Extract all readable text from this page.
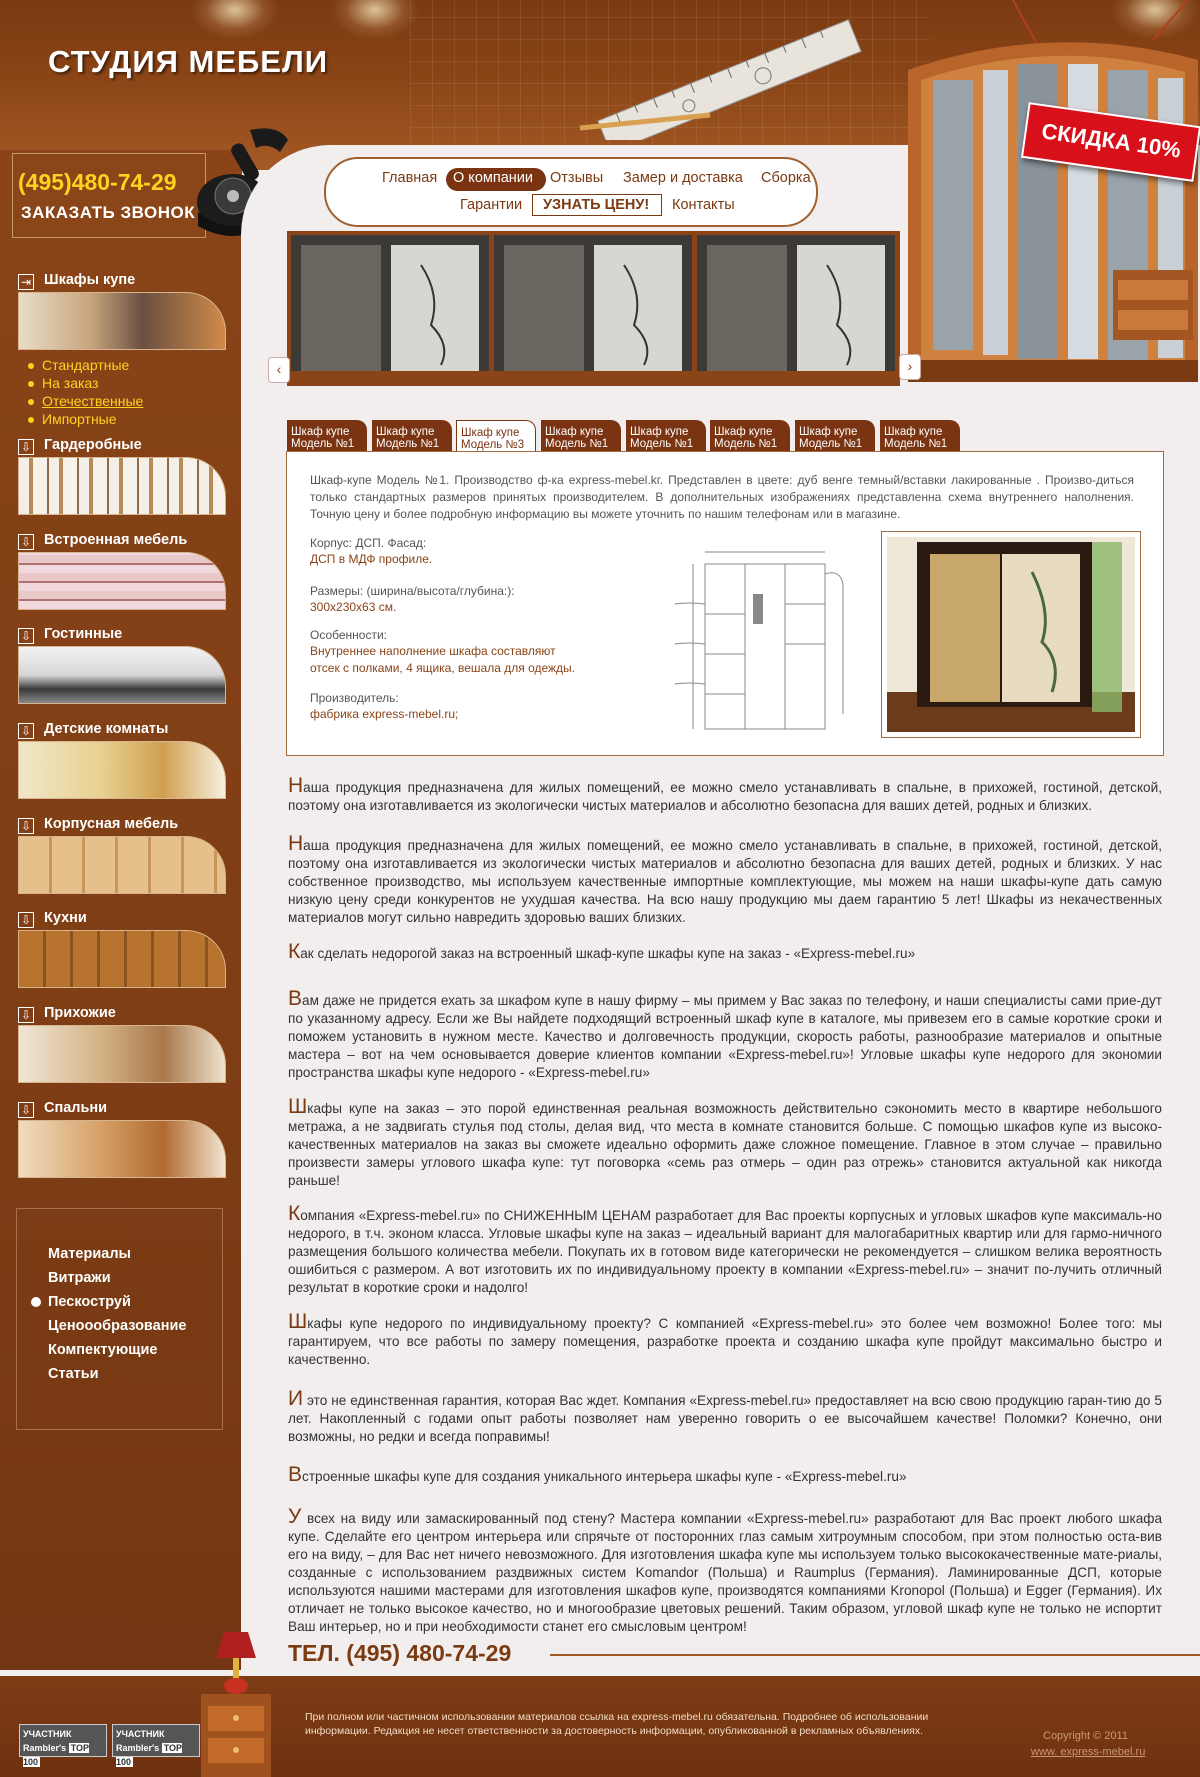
СТУДИЯ МЕБЕЛИ
(495)480-74-29
ЗАКАЗАТЬ ЗВОНОК
⇥ Шкафы купе
Стандартные
На заказ
Отечественные
Импортные
⇩ Гардеробные
⇩ Встроенная мебель
⇩ Гостинные
⇩ Детские комнаты
⇩ Корпусная мебель
⇩ Кухни
⇩ Прихожие
⇩ Спальни
Материалы
Витражи
Пескоструй
Ценоообразование
Компектующие
Статьи
СКИДКА 10%
Главная О компании Отзывы Замер и доставка Сборка
Гарантии УЗНАТЬ ЦЕНУ! Контакты
‹	›
Шкаф купе
Модель №1
Шкаф купе
Модель №1
Шкаф купе
Модель №3
Шкаф купе
Модель №1
Шкаф купе
Модель №1
Шкаф купе
Модель №1
Шкаф купе
Модель №1
Шкаф купе
Модель №1
Шкаф-купе Модель №1. Производство ф-ка express-mebel.kг. Представлен в цвете: дуб венге темный/вставки лакированные . Произво-диться только стандартных размеров принятых производителем. В дополнительных изображениях представленна схема внутреннего наполнения. Точную цену и более подробную информацию вы можете уточнить по нашим телефонам или в магазине.
Корпус: ДСП. Фасад:
ДСП в МДФ профиле.
Размеры: (ширина/высота/глубина:):
300х230х63 см.
Особенности:
Внутреннее наполнение шкафа составляют
отсек с полками, 4 ящика, вешала для одежды.
Производитель:
фабрика express-mebel.ru;
Наша продукция предназначена для жилых помещений, ее можно смело устанавливать в спальне, в прихожей, гостиной, детской, поэтому она изготавливается из экологически чистых материалов и абсолютно безопасна для ваших детей, родных и близких.
Наша продукция предназначена для жилых помещений, ее можно смело устанавливать в спальне, в прихожей, гостиной, детской, поэтому она изготавливается из экологически чистых материалов и абсолютно безопасна для ваших детей, родных и близких. У нас собственное производство, мы используем качественные импортные комплектующие, мы можем на наши шкафы-купе дать самую низкую цену среди конкурентов не ухудшая качества. На всю нашу продукцию мы даем гарантию 5 лет! Шкафы из некачественных материалов могут сильно навредить здоровью ваших близких.
Как сделать недорогой заказ на встроенный шкаф-купе шкафы купе на заказ - «Express-mebel.ru»
Вам даже не придется ехать за шкафом купе в нашу фирму – мы примем у Вас заказ по телефону, и наши специалисты сами прие-дут по указанному адресу. Если же Вы найдете подходящий встроенный шкаф купе в каталоге, мы привезем его в самые короткие сроки и поможем установить в нужном месте. Качество и долговечность продукции, скорость работы, разнообразие материалов и опытные мастера – вот на чем основывается доверие клиентов компании «Express-mebel.ru»! Угловые шкафы купе недорого для экономии пространства шкафы купе недорого - «Express-mebel.ru»
Шкафы купе на заказ – это порой единственная реальная возможность действительно сэкономить место в квартире небольшого метража, а не задвигать стулья под столы, делая вид, что места в комнате становится больше. С помощью шкафов купе из высоко-качественных материалов на заказ вы сможете идеально оформить даже сложное помещение. Главное в этом случае – правильно произвести замеры углового шкафа купе: тут поговорка «семь раз отмерь – один раз отрежь» становится актуальной как никогда раньше!
Компания «Express-mebel.ru» по СНИЖЕННЫМ ЦЕНАМ разработает для Вас проекты корпусных и угловых шкафов купе максималь-но недорого, в т.ч. эконом класса. Угловые шкафы купе на заказ – идеальный вариант для малогабаритных квартир или для гармо-ничного размещения большого количества мебели. Покупать их в готовом виде категорически не рекомендуется – слишком велика вероятность ошибиться с размером. А вот изготовить их по индивидуальному проекту в компании «Express-mebel.ru» – значит по-лучить отличный результат в короткие сроки и надолго!
Шкафы купе недорого по индивидуальному проекту? С компанией «Express-mebel.ru» это более чем возможно! Более того: мы гарантируем, что все работы по замеру помещения, разработке проекта и созданию шкафа купе пройдут максимально быстро и качественно.
И это не единственная гарантия, которая Вас ждет. Компания «Express-mebel.ru» предоставляет на всю свою продукцию гаран-тию до 5 лет. Накопленный с годами опыт работы позволяет нам уверенно говорить о ее высочайшем качестве! Поломки? Конечно, они возможны, но редки и всегда поправимы!
Встроенные шкафы купе для создания уникального интерьера шкафы купе - «Express-mebel.ru»
У всех на виду или замаскированный под стену? Мастера компании «Express-mebel.ru» разработают для Вас проект любого шкафа купе. Сделайте его центром интерьера или спрячьте от посторонних глаз самым хитроумным способом, при этом полностью оста-вив его на виду, – для Вас нет ничего невозможного. Для изготовления шкафа купе мы используем только высококачественные мате-риалы, созданные с использованием раздвижных систем Komandor (Польша) и Raumplus (Германия). Ламинированные ДСП, которые используются нашими мастерами для изготовления шкафов купе, производятся компаниями Kronopol (Польша) и Egger (Германия). Их отличает не только высокое качество, но и многообразие цветовых решений. Таким образом, угловой шкаф купе не только не испортит Ваш интерьер, но и при необходимости станет его смысловым центром!
ТЕЛ. (495) 480-74-29
УЧАСТНИК
Rambler's TOP 100
УЧАСТНИК
Rambler's TOP 100
При полном или частичном использовании материалов ссылка на express-mebel.ru обязательна. Подробнее об использовании информации. Редакция не несет ответственности за достоверность информации, опубликованной в рекламных объявлениях.	Copyright © 2011
www. express-mebel.ru
